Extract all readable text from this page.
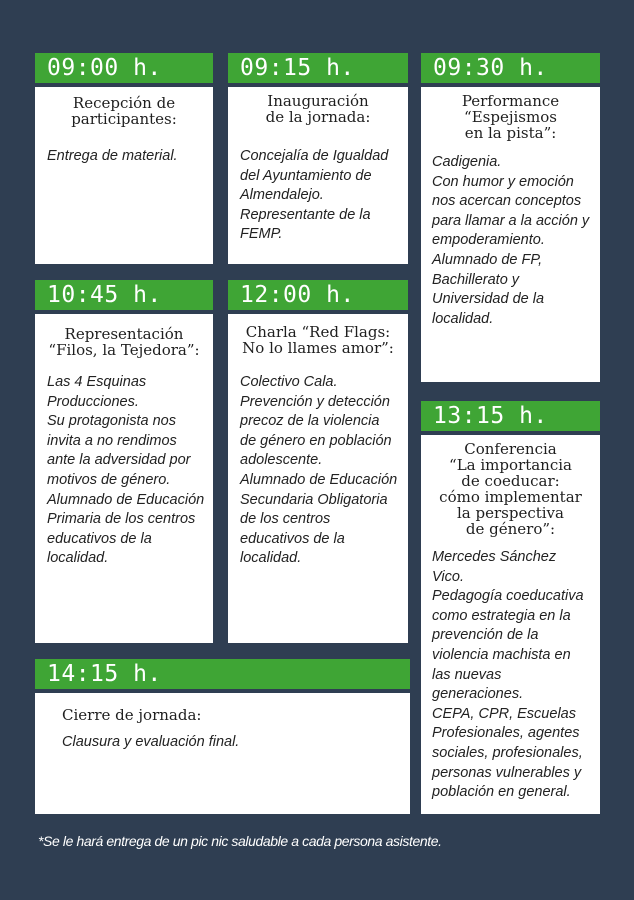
09:00 h.
Recepción de
participantes:
Entrega de material.
09:15 h.
Inauguración
de la jornada:
Concejalía de Igualdad
del Ayuntamiento de
Almendalejo.
Representante de la
FEMP.
09:30 h.
Performance
“Espejismos
en la pista”:
Cadigenia.
Con humor y emoción
nos acercan conceptos
para llamar a la acción y
empoderamiento.
Alumnado de FP,
Bachillerato y
Universidad de la
localidad.
10:45 h.
Representación
“Filos, la Tejedora”:
Las 4 Esquinas
Producciones.
Su protagonista nos
invita a no rendimos
ante la adversidad por
motivos de género.
Alumnado de Educación
Primaria de los centros
educativos de la
localidad.
12:00 h.
Charla “Red Flags:
No lo llames amor”:
Colectivo Cala.
Prevención y detección
precoz de la violencia
de género en población
adolescente.
Alumnado de Educación
Secundaria Obligatoria
de los centros
educativos de la
localidad.
13:15 h.
Conferencia
“La importancia
de coeducar:
cómo implementar
la perspectiva
de género”:
Mercedes Sánchez
Vico.
Pedagogía coeducativa
como estrategia en la
prevención de la
violencia machista en
las nuevas
generaciones.
CEPA, CPR, Escuelas
Profesionales, agentes
sociales, profesionales,
personas vulnerables y
población en general.
14:15 h.
Cierre de jornada:
Clausura y evaluación final.
*Se le hará entrega de un pic nic saludable a cada persona asistente.
